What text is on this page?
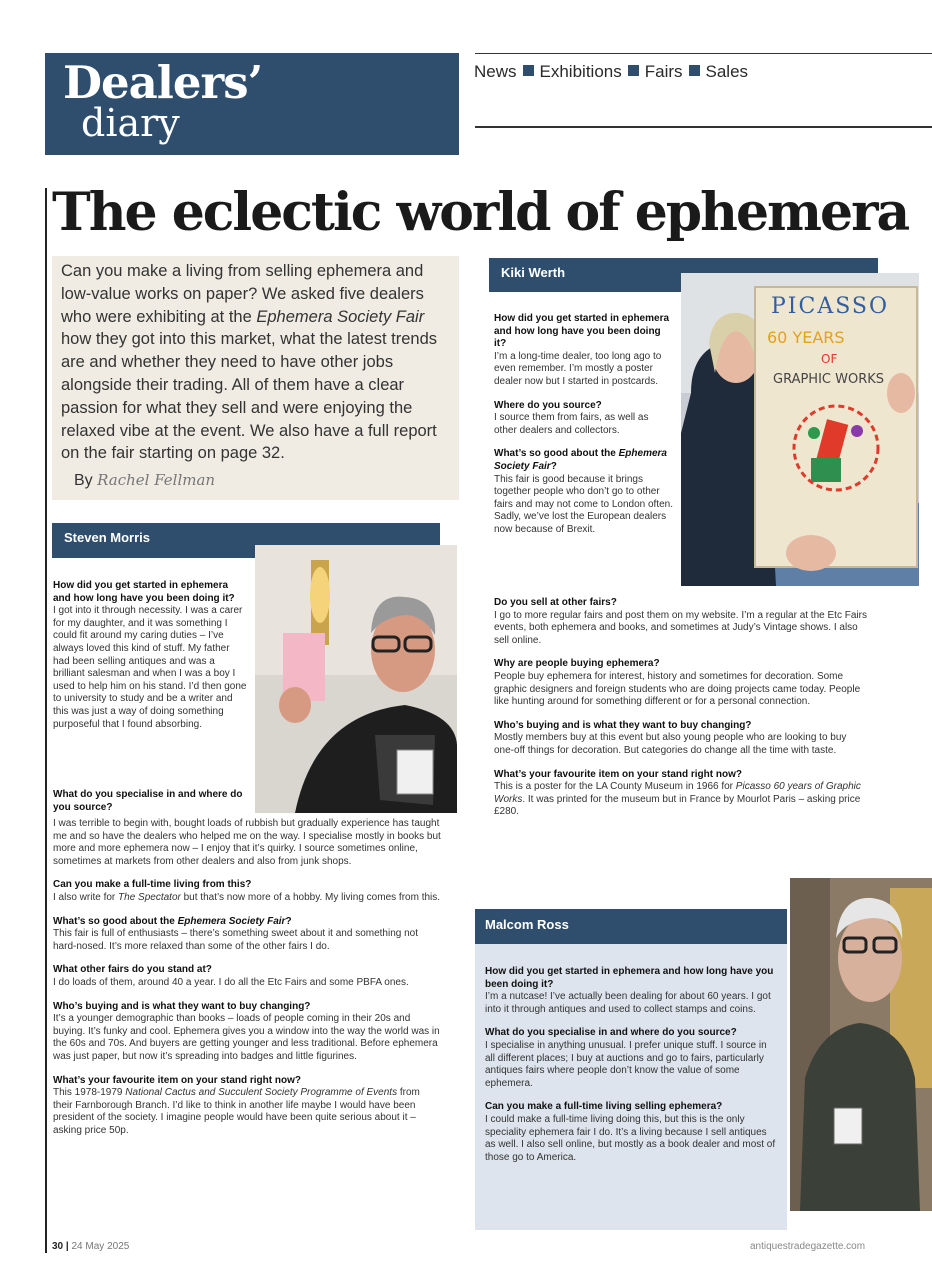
Dealers’
diary
News Exhibitions Fairs Sales
The eclectic world of ephemera

Can you make a living from selling ephemera and low-value works on paper? We asked five dealers who were exhibiting at the Ephemera Society Fair how they got into this market, what the latest trends are and whether they need to have other jobs alongside their trading. All of them have a clear passion for what they sell and were enjoying the relaxed vibe at the event. We also have a full report on the fair starting on page 32.

By Rachel Fellman

Steven Morris

How did you get started in ephemera and how long have you been doing it?

I got into it through necessity. I was a carer for my daughter, and it was something I could fit around my caring duties – I’ve always loved this kind of stuff. My father had been selling antiques and was a brilliant salesman and when I was a boy I used to help him on his stand. I’d then gone to university to study and be a writer and this was just a way of doing something purposeful that I found absorbing.

What do you specialise in and where do you source?

I was terrible to begin with, bought loads of rubbish but gradually experience has taught me and so have the dealers who helped me on the way. I specialise mostly in books but more and more ephemera now – I enjoy that it’s quirky. I source sometimes online, sometimes at markets from other dealers and also from junk shops.

Can you make a full-time living from this?

I also write for The Spectator but that’s now more of a hobby. My living comes from this.

What’s so good about the Ephemera Society Fair?

This fair is full of enthusiasts – there’s something sweet about it and something not hard-nosed. It’s more relaxed than some of the other fairs I do.

What other fairs do you stand at?

I do loads of them, around 40 a year. I do all the Etc Fairs and some PBFA ones.

Who’s buying and is what they want to buy changing?

It’s a younger demographic than books – loads of people coming in their 20s and buying. It’s funky and cool. Ephemera gives you a window into the way the world was in the 60s and 70s. And buyers are getting younger and less traditional. Before ephemera was just paper, but now it’s spreading into badges and little figurines.

What’s your favourite item on your stand right now?

This 1978-1979 National Cactus and Succulent Society Programme of Events from their Farnborough Branch. I’d like to think in another life maybe I would have been president of the society. I imagine people would have been quite serious about it – asking price 50p.

Kiki Werth
PICASSO
60 YEARS
OF
GRAPHIC WORKS

How did you get started in ephemera and how long have you been doing it?

I’m a long-time dealer, too long ago to even remember. I’m mostly a poster dealer now but I started in postcards.

Where do you source?

I source them from fairs, as well as other dealers and collectors.

What’s so good about the Ephemera Society Fair?

This fair is good because it brings together people who don’t go to other fairs and may not come to London often. Sadly, we’ve lost the European dealers now because of Brexit.

Do you sell at other fairs?

I go to more regular fairs and post them on my website. I’m a regular at the Etc Fairs events, both ephemera and books, and sometimes at Judy’s Vintage shows. I also sell online.

Why are people buying ephemera?

People buy ephemera for interest, history and sometimes for decoration. Some graphic designers and foreign students who are doing projects came today. People like hunting around for something different or for a personal connection.

Who’s buying and is what they want to buy changing?

Mostly members buy at this event but also young people who are looking to buy one-off things for decoration. But categories do change all the time with taste.

What’s your favourite item on your stand right now?

This is a poster for the LA County Museum in 1966 for Picasso 60 years of Graphic Works. It was printed for the museum but in France by Mourlot Paris – asking price £280.

Malcom Ross

How did you get started in ephemera and how long have you been doing it?

I’m a nutcase! I’ve actually been dealing for about 60 years. I got into it through antiques and used to collect stamps and coins.

What do you specialise in and where do you source?

I specialise in anything unusual. I prefer unique stuff. I source in all different places; I buy at auctions and go to fairs, particularly antiques fairs where people don’t know the value of some ephemera.

Can you make a full-time living selling ephemera?

I could make a full-time living doing this, but this is the only speciality ephemera fair I do. It’s a living because I sell antiques as well. I also sell online, but mostly as a book dealer and most of those go to America.

30 | 24 May 2025	antiquestradegazette.com
